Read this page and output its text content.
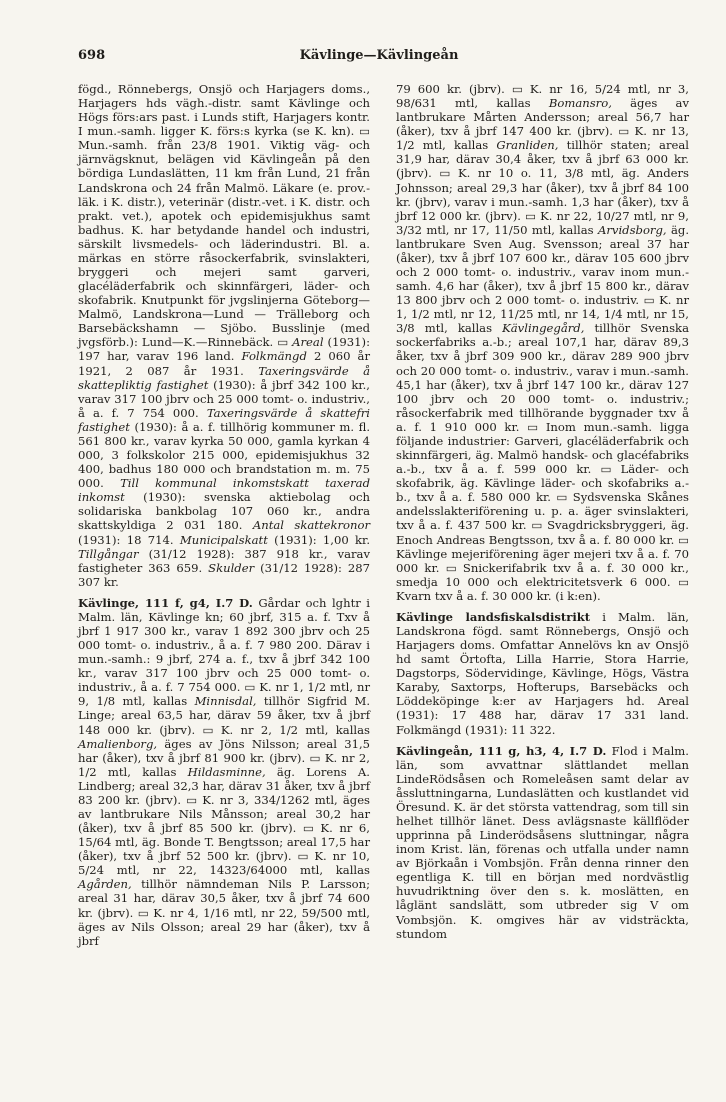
698	Kävlinge—Kävlingeån

fögd., Rönnebergs, Onsjö och Harjagers doms., Harjagers hds vägh.-distr. samt Kävlinge och Högs förs:ars past. i Lunds stift, Harjagers kontr. I mun.-samh. ligger K. förs:s kyrka (se K. kn). ▭ Mun.-samh. från 23/8 1901. Viktig väg- och järnvägsknut, belägen vid Kävlingeån på den bördiga Lundaslätten, 11 km från Lund, 21 från Landskrona och 24 från Malmö. Läkare (e. prov.-läk. i K. distr.), veterinär (distr.-vet. i K. distr. och prakt. vet.), apotek och epidemisjukhus samt badhus. K. har betydande handel och industri, särskilt livsmedels- och läderindustri. Bl. a. märkas en större råsockerfabrik, svinslakteri, bryggeri och mejeri samt garveri, glacéläderfabrik och skinnfärgeri, läder- och skofabrik. Knutpunkt för jvgslinjerna Göteborg—Malmö, Landskrona—Lund — Trälleborg och Barsebäckshamn — Sjöbo. Busslinje (med jvgsförb.): Lund—K.—Rinnebäck. ▭ Areal (1931): 197 har, varav 196 land. Folkmängd 2 060 år 1921, 2 087 år 1931. Taxeringsvärde å skattepliktig fastighet (1930): å jbrf 342 100 kr., varav 317 100 jbrv och 25 000 tomt- o. industriv., å a. f. 7 754 000. Taxeringsvärde å skattefri fastighet (1930): å a. f. tillhörig kommuner m. fl. 561 800 kr., varav kyrka 50 000, gamla kyrkan 4 000, 3 folkskolor 215 000, epidemisjukhus 32 400, badhus 180 000 och brandstation m. m. 75 000. Till kommunal inkomstskatt taxerad inkomst (1930): svenska aktiebolag och solidariska bankbolag 107 060 kr., andra skattskyldiga 2 031 180. Antal skattekronor (1931): 18 714. Municipalskatt (1931): 1,00 kr. Tillgångar (31/12 1928): 387 918 kr., varav fastigheter 363 659. Skulder (31/12 1928): 287 307 kr.

Kävlinge, 111 f, g4, I.7 D. Gårdar och lghtr i Malm. län, Kävlinge kn; 60 jbrf, 315 a. f. Txv å jbrf 1 917 300 kr., varav 1 892 300 jbrv och 25 000 tomt- o. industriv., å a. f. 7 980 200. Därav i mun.-samh.: 9 jbrf, 274 a. f., txv å jbrf 342 100 kr., varav 317 100 jbrv och 25 000 tomt- o. industriv., å a. f. 7 754 000. ▭ K. nr 1, 1/2 mtl, nr 9, 1/8 mtl, kallas Minnisdal, tillhör Sigfrid M. Linge; areal 63,5 har, därav 59 åker, txv å jbrf 148 000 kr. (jbrv). ▭ K. nr 2, 1/2 mtl, kallas Amalienborg, äges av Jöns Nilsson; areal 31,5 har (åker), txv å jbrf 81 900 kr. (jbrv). ▭ K. nr 2, 1/2 mtl, kallas Hildasminne, äg. Lorens A. Lindberg; areal 32,3 har, därav 31 åker, txv å jbrf 83 200 kr. (jbrv). ▭ K. nr 3, 334/1262 mtl, äges av lantbrukare Nils Månsson; areal 30,2 har (åker), txv å jbrf 85 500 kr. (jbrv). ▭ K. nr 6, 15/64 mtl, äg. Bonde T. Bengtsson; areal 17,5 har (åker), txv å jbrf 52 500 kr. (jbrv). ▭ K. nr 10, 5/24 mtl, nr 22, 14323/64000 mtl, kallas Agården, tillhör nämndeman Nils P. Larsson; areal 31 har, därav 30,5 åker, txv å jbrf 74 600 kr. (jbrv). ▭ K. nr 4, 1/16 mtl, nr 22, 59/500 mtl, äges av Nils Olsson; areal 29 har (åker), txv å jbrf

79 600 kr. (jbrv). ▭ K. nr 16, 5/24 mtl, nr 3, 98/631 mtl, kallas Bomansro, äges av lantbrukare Mårten Andersson; areal 56,7 har (åker), txv å jbrf 147 400 kr. (jbrv). ▭ K. nr 13, 1/2 mtl, kallas Granliden, tillhör staten; areal 31,9 har, därav 30,4 åker, txv å jbrf 63 000 kr. (jbrv). ▭ K. nr 10 o. 11, 3/8 mtl, äg. Anders Johnsson; areal 29,3 har (åker), txv å jbrf 84 100 kr. (jbrv), varav i mun.-samh. 1,3 har (åker), txv å jbrf 12 000 kr. (jbrv). ▭ K. nr 22, 10/27 mtl, nr 9, 3/32 mtl, nr 17, 11/50 mtl, kallas Arvidsborg, äg. lantbrukare Sven Aug. Svensson; areal 37 har (åker), txv å jbrf 107 600 kr., därav 105 600 jbrv och 2 000 tomt- o. industriv., varav inom mun.-samh. 4,6 har (åker), txv å jbrf 15 800 kr., därav 13 800 jbrv och 2 000 tomt- o. industriv. ▭ K. nr 1, 1/2 mtl, nr 12, 11/25 mtl, nr 14, 1/4 mtl, nr 15, 3/8 mtl, kallas Kävlingegård, tillhör Svenska sockerfabriks a.-b.; areal 107,1 har, därav 89,3 åker, txv å jbrf 309 900 kr., därav 289 900 jbrv och 20 000 tomt- o. industriv., varav i mun.-samh. 45,1 har (åker), txv å jbrf 147 100 kr., därav 127 100 jbrv och 20 000 tomt- o. industriv.; råsockerfabrik med tillhörande byggnader txv å a. f. 1 910 000 kr. ▭ Inom mun.-samh. ligga följande industrier: Garveri, glacéläderfabrik och skinnfärgeri, äg. Malmö handsk- och glacéfabriks a.-b., txv å a. f. 599 000 kr. ▭ Läder- och skofabrik, äg. Kävlinge läder- och skofabriks a.-b., txv å a. f. 580 000 kr. ▭ Sydsvenska Skånes andelsslakteriförening u. p. a. äger svinslakteri, txv å a. f. 437 500 kr. ▭ Svagdricksbryggeri, äg. Enoch Andreas Bengtsson, txv å a. f. 80 000 kr. ▭ Kävlinge mejeriförening äger mejeri txv å a. f. 70 000 kr. ▭ Snickerifabrik txv å a. f. 30 000 kr., smedja 10 000 och elektricitetsverk 6 000. ▭ Kvarn txv å a. f. 30 000 kr. (i k:en).

Kävlinge landsfiskalsdistrikt i Malm. län, Landskrona fögd. samt Rönnebergs, Onsjö och Harjagers doms. Omfattar Annelövs kn av Onsjö hd samt Örtofta, Lilla Harrie, Stora Harrie, Dagstorps, Södervidinge, Kävlinge, Högs, Västra Karaby, Saxtorps, Hofterups, Barsebäcks och Löddeköpinge k:er av Harjagers hd. Areal (1931): 17 488 har, därav 17 331 land. Folkmängd (1931): 11 322.

Kävlingeån, 111 g, h3, 4, I.7 D. Flod i Malm. län, som avvattnar slättlandet mellan LindeRödsåsen och Romeleåsen samt delar av åssluttningarna, Lundaslätten och kustlandet vid Öresund. K. är det största vattendrag, som till sin helhet tillhör länet. Dess avlägsnaste källflöder upprinna på Linderödsåsens sluttningar, några inom Krist. län, förenas och utfalla under namn av Björkaån i Vombsjön. Från denna rinner den egentliga K. till en början med nordvästlig huvudriktning över den s. k. moslätten, en låglänt sandslätt, som utbreder sig V om Vombsjön. K. omgives här av vidsträckta, stundom
